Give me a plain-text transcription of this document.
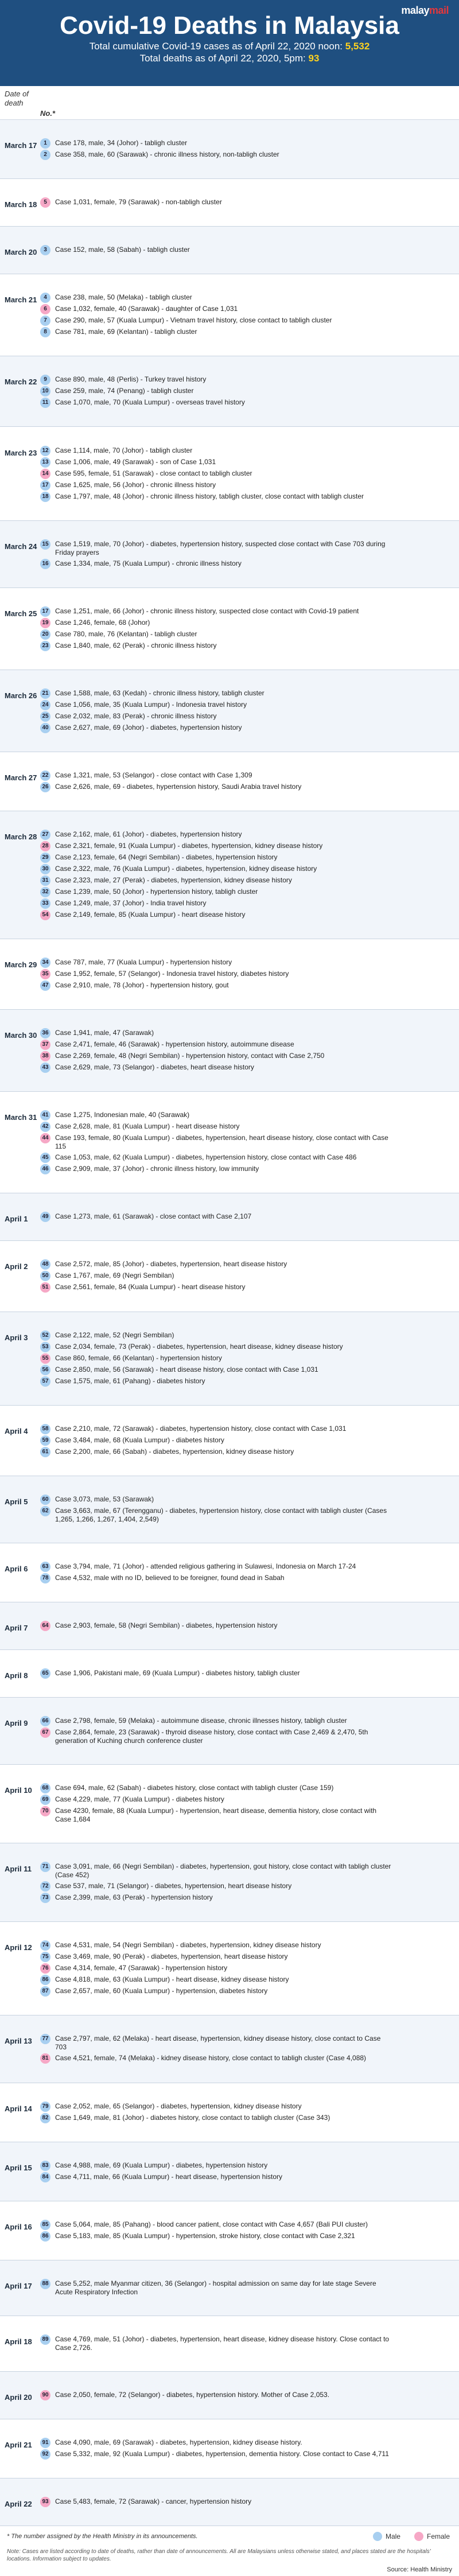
malaymail
Covid-19 Deaths in Malaysia
Total cumulative Covid-19 cases as of April 22, 2020 noon: 5,532
Total deaths as of April 22, 2020, 5pm: 93
Date of death
No.*
March 17	1	Case 178, male, 34 (Johor) - tabligh cluster
2	Case 358, male, 60 (Sarawak) - chronic illness history, non-tabligh cluster
March 18	5	Case 1,031, female, 79 (Sarawak) - non-tabligh cluster
March 20	3	Case 152, male, 58 (Sabah) - tabligh cluster
March 21	4	Case 238, male, 50 (Melaka) - tabligh cluster
6	Case 1,032, female, 40 (Sarawak) - daughter of Case 1,031
7	Case 290, male, 57 (Kuala Lumpur) - Vietnam travel history, close contact to tabligh cluster
8	Case 781, male, 69 (Kelantan) - tabligh cluster
March 22	9	Case 890, male, 48 (Perlis) - Turkey travel history
10 Case 259, male, 74 (Penang) - tabligh cluster
11 Case 1,070, male, 70 (Kuala Lumpur) - overseas travel history
March 23 12 Case 1,114, male, 70 (Johor) - tabligh cluster
13 Case 1,006, male, 49 (Sarawak) - son of Case 1,031
14 Case 595, female, 51 (Sarawak) - close contact to tabligh cluster
17 Case 1,625, male, 56 (Johor) - chronic illness history
18 Case 1,797, male, 48 (Johor) - chronic illness history, tabligh cluster, close contact with tabligh cluster
March 24 15 Case 1,519, male, 70 (Johor) - diabetes, hypertension history, suspected close contact with Case 703 during Friday prayers
16 Case 1,334, male, 75 (Kuala Lumpur) - chronic illness history
March 25 17 Case 1,251, male, 66 (Johor) - chronic illness history, suspected close contact with Covid-19 patient
19 Case 1,246, female, 68 (Johor)
20 Case 780, male, 76 (Kelantan) - tabligh cluster
23 Case 1,840, male, 62 (Perak) - chronic illness history
March 26 21 Case 1,588, male, 63 (Kedah) - chronic illness history, tabligh cluster
24 Case 1,056, male, 35 (Kuala Lumpur) - Indonesia travel history
25 Case 2,032, male, 83 (Perak) - chronic illness history
40 Case 2,627, male, 69 (Johor) - diabetes, hypertension history
March 27 22 Case 1,321, male, 53 (Selangor) - close contact with Case 1,309
26 Case 2,626, male, 69 - diabetes, hypertension history, Saudi Arabia travel history
March 28 27 Case 2,162, male, 61 (Johor) - diabetes, hypertension history
28 Case 2,321, female, 91 (Kuala Lumpur) - diabetes, hypertension, kidney disease history
29 Case 2,123, female, 64 (Negri Sembilan) - diabetes, hypertension history
30 Case 2,322, male, 76 (Kuala Lumpur) - diabetes, hypertension, kidney disease history
31 Case 2,323, male, 27 (Perak) - diabetes, hypertension, kidney disease history
32 Case 1,239, male, 50 (Johor) - hypertension history, tabligh cluster
33 Case 1,249, male, 37 (Johor) - India travel history
54 Case 2,149, female, 85 (Kuala Lumpur) - heart disease history
March 29 34 Case 787, male, 77 (Kuala Lumpur) - hypertension history
35 Case 1,952, female, 57 (Selangor) - Indonesia travel history, diabetes history
47 Case 2,910, male, 78 (Johor) - hypertension history, gout
March 30 36 Case 1,941, male, 47 (Sarawak)
37 Case 2,471, female, 46 (Sarawak) - hypertension history, autoimmune disease
38 Case 2,269, female, 48 (Negri Sembilan) - hypertension history, contact with Case 2,750
43 Case 2,629, male, 73 (Selangor) - diabetes, heart disease history
March 31 41 Case 1,275, Indonesian male, 40 (Sarawak)
42 Case 2,628, male, 81 (Kuala Lumpur) - heart disease history
44 Case 193, female, 80 (Kuala Lumpur) - diabetes, hypertension, heart disease history, close contact with Case 115
45 Case 1,053, male, 62 (Kuala Lumpur) - diabetes, hypertension history, close contact with Case 486
46 Case 2,909, male, 37 (Johor) - chronic illness history, low immunity
April 1	49 Case 1,273, male, 61 (Sarawak) - close contact with Case 2,107
April 2	48 Case 2,572, male, 85 (Johor) - diabetes, hypertension, heart disease history
50 Case 1,767, male, 69 (Negri Sembilan)
51 Case 2,561, female, 84 (Kuala Lumpur) - heart disease history
April 3	52 Case 2,122, male, 52 (Negri Sembilan)
53 Case 2,034, female, 73 (Perak) - diabetes, hypertension, heart disease, kidney disease history
55 Case 860, female, 66 (Kelantan) - hypertension history
56 Case 2,850, male, 56 (Sarawak) - heart disease history, close contact with Case 1,031
57 Case 1,575, male, 61 (Pahang) - diabetes history
April 4	58 Case 2,210, male, 72 (Sarawak) - diabetes, hypertension history, close contact with Case 1,031
59 Case 3,484, male, 68 (Kuala Lumpur) - diabetes history
61 Case 2,200, male, 66 (Sabah) - diabetes, hypertension, kidney disease history
April 5	60 Case 3,073, male, 53 (Sarawak)
62 Case 3,663, male, 67 (Terengganu) - diabetes, hypertension history, close contact with tabligh cluster (Cases 1,265, 1,266, 1,267, 1,404, 2,549)
April 6	63 Case 3,794, male, 71 (Johor) - attended religious gathering in Sulawesi, Indonesia on March 17-24
78 Case 4,532, male with no ID, believed to be foreigner, found dead in Sabah
April 7	64 Case 2,903, female, 58 (Negri Sembilan) - diabetes, hypertension history
April 8	65 Case 1,906, Pakistani male, 69 (Kuala Lumpur) - diabetes history, tabligh cluster
April 9	66 Case 2,798, female, 59 (Melaka) - autoimmune disease, chronic illnesses history, tabligh cluster
67 Case 2,864, female, 23 (Sarawak) - thyroid disease history, close contact with Case 2,469 & 2,470, 5th generation of Kuching church conference cluster
April 10	68 Case 694, male, 62 (Sabah) - diabetes history, close contact with tabligh cluster (Case 159)
69 Case 4,229, male, 77 (Kuala Lumpur) - diabetes history
70 Case 4230, female, 88 (Kuala Lumpur) - hypertension, heart disease, dementia history, close contact with Case 1,684
April 11	71 Case 3,091, male, 66 (Negri Sembilan) - diabetes, hypertension, gout history, close contact with tabligh cluster (Case 452)
72 Case 537, male, 71 (Selangor) - diabetes, hypertension, heart disease history
73 Case 2,399, male, 63 (Perak) - hypertension history
April 12	74 Case 4,531, male, 54 (Negri Sembilan) - diabetes, hypertension, kidney disease history
75 Case 3,469, male, 90 (Perak) - diabetes, hypertension, heart disease history
76 Case 4,314, female, 47 (Sarawak) - hypertension history
86 Case 4,818, male, 63 (Kuala Lumpur) - heart disease, kidney disease history
87 Case 2,657, male, 60 (Kuala Lumpur) - hypertension, diabetes history
April 13	77 Case 2,797, male, 62 (Melaka) - heart disease, hypertension, kidney disease history, close contact to Case 703
81 Case 4,521, female, 74 (Melaka) - kidney disease history, close contact to tabligh cluster (Case 4,088)
April 14	79 Case 2,052, male, 65 (Selangor) - diabetes, hypertension, kidney disease history
82 Case 1,649, male, 81 (Johor) - diabetes history, close contact to tabligh cluster (Case 343)
April 15	83 Case 4,988, male, 69 (Kuala Lumpur) - diabetes, hypertension history
84 Case 4,711, male, 66 (Kuala Lumpur) - heart disease, hypertension history
April 16	85 Case 5,064, male, 85 (Pahang) - blood cancer patient, close contact with Case 4,657 (Bali PUI cluster)
86 Case 5,183, male, 85 (Kuala Lumpur) - hypertension, stroke history, close contact with Case 2,321
April 17	88 Case 5,252, male Myanmar citizen, 36 (Selangor) - hospital admission on same day for late stage Severe Acute Respiratory Infection
April 18	89 Case 4,769, male, 51 (Johor) - diabetes, hypertension, heart disease, kidney disease history. Close contact to Case 2,726.
April 20	90 Case 2,050, female, 72 (Selangor) - diabetes, hypertension history. Mother of Case 2,053.
April 21	91 Case 4,090, male, 69 (Sarawak) - diabetes, hypertension, kidney disease history.
92 Case 5,332, male, 92 (Kuala Lumpur) - diabetes, hypertension, dementia history. Close contact to Case 4,711
April 22	93 Case 5,483, female, 72 (Sarawak) - cancer, hypertension history
* The number assigned by the Health Ministry in its announcements.	Male	Female
Note: Cases are listed according to date of deaths, rather than date of announcements. All are Malaysians unless otherwise stated, and places stated are the hospitals' locations. Information subject to updates.
Source: Health Ministry
